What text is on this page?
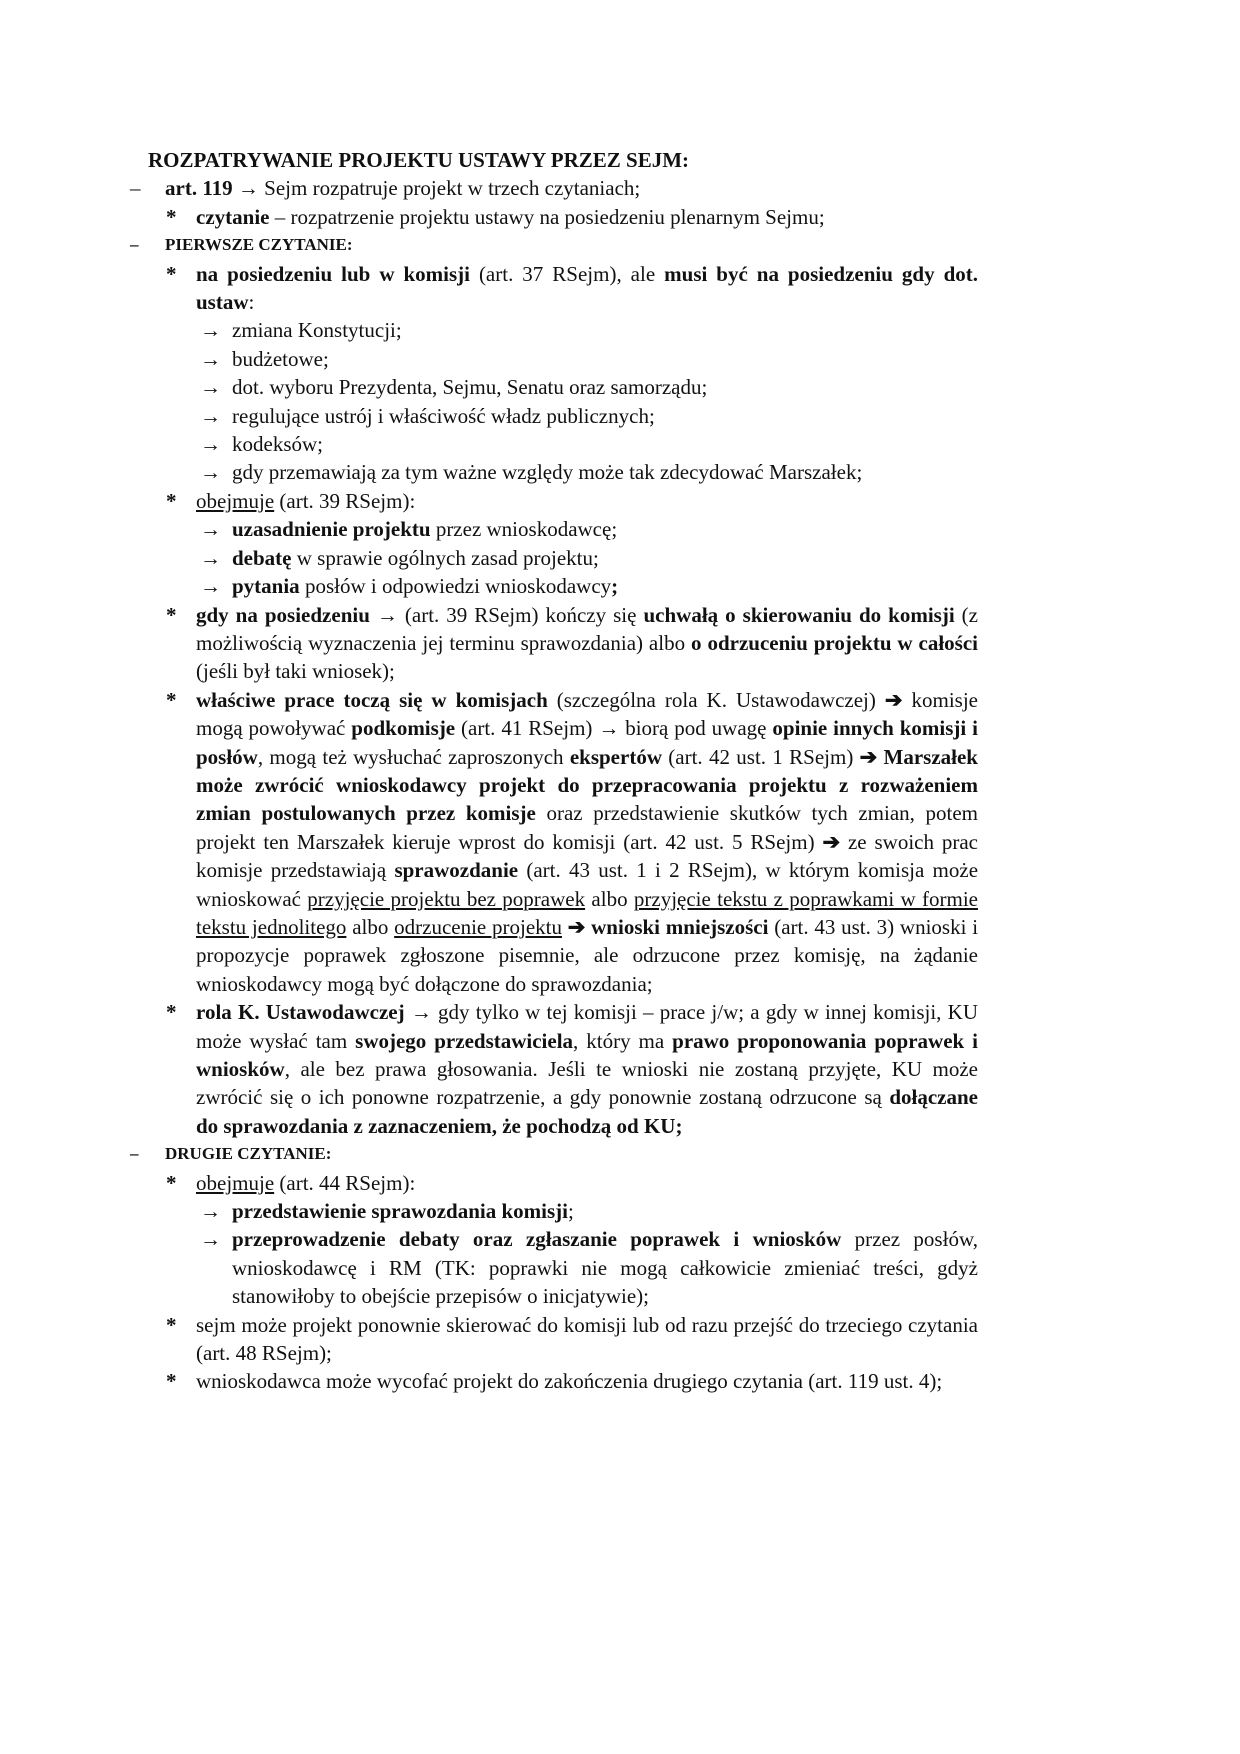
ROZPATRYWANIE PROJEKTU USTAWY PRZEZ SEJM:
– art. 119 → Sejm rozpatruje projekt w trzech czytaniach;
* czytanie – rozpatrzenie projektu ustawy na posiedzeniu plenarnym Sejmu;
– PIERWSZE CZYTANIE:
* na posiedzeniu lub w komisji (art. 37 RSejm), ale musi być na posiedzeniu gdy dot. ustaw:
→ zmiana Konstytucji;
→ budżetowe;
→ dot. wyboru Prezydenta, Sejmu, Senatu oraz samorządu;
→ regulujące ustrój i właściwość władz publicznych;
→ kodeksów;
→ gdy przemawiają za tym ważne względy może tak zdecydować Marszałek;
* obejmuje (art. 39 RSejm):
→ uzasadnienie projektu przez wnioskodawcę;
→ debatę w sprawie ogólnych zasad projektu;
→ pytania posłów i odpowiedzi wnioskodawcy;
* gdy na posiedzeniu → (art. 39 RSejm) kończy się uchwałą o skierowaniu do komisji (z możliwością wyznaczenia jej terminu sprawozdania) albo o odrzuceniu projektu w całości (jeśli był taki wniosek);
* właściwe prace toczą się w komisjach (szczególna rola K. Ustawodawczej) ➔ komisje mogą powoływać podkomisje (art. 41 RSejm) → biorą pod uwagę opinie innych komisji i posłów, mogą też wysłuchać zaproszonych ekspertów (art. 42 ust. 1 RSejm) ➔ Marszałek może zwrócić wnioskodawcy projekt do przepracowania projektu z rozważeniem zmian postulowanych przez komisje oraz przedstawienie skutków tych zmian, potem projekt ten Marszałek kieruje wprost do komisji (art. 42 ust. 5 RSejm) ➔ ze swoich prac komisje przedstawiają sprawozdanie (art. 43 ust. 1 i 2 RSejm), w którym komisja może wnioskować przyjęcie projektu bez poprawek albo przyjęcie tekstu z poprawkami w formie tekstu jednolitego albo odrzucenie projektu ➔ wnioski mniejszości (art. 43 ust. 3) wnioski i propozycje poprawek zgłoszone pisemnie, ale odrzucone przez komisję, na żądanie wnioskodawcy mogą być dołączone do sprawozdania;
* rola K. Ustawodawczej → gdy tylko w tej komisji – prace j/w; a gdy w innej komisji, KU może wysłać tam swojego przedstawiciela, który ma prawo proponowania poprawek i wniosków, ale bez prawa głosowania. Jeśli te wnioski nie zostaną przyjęte, KU może zwrócić się o ich ponowne rozpatrzenie, a gdy ponownie zostaną odrzucone są dołączane do sprawozdania z zaznaczeniem, że pochodzą od KU;
– DRUGIE CZYTANIE:
* obejmuje (art. 44 RSejm):
→ przedstawienie sprawozdania komisji;
→ przeprowadzenie debaty oraz zgłaszanie poprawek i wniosków przez posłów, wnioskodawcę i RM (TK: poprawki nie mogą całkowicie zmieniać treści, gdyż stanowiłoby to obejście przepisów o inicjatywie);
* sejm może projekt ponownie skierować do komisji lub od razu przejść do trzeciego czytania (art. 48 RSejm);
* wnioskodawca może wycofać projekt do zakończenia drugiego czytania (art. 119 ust. 4);
